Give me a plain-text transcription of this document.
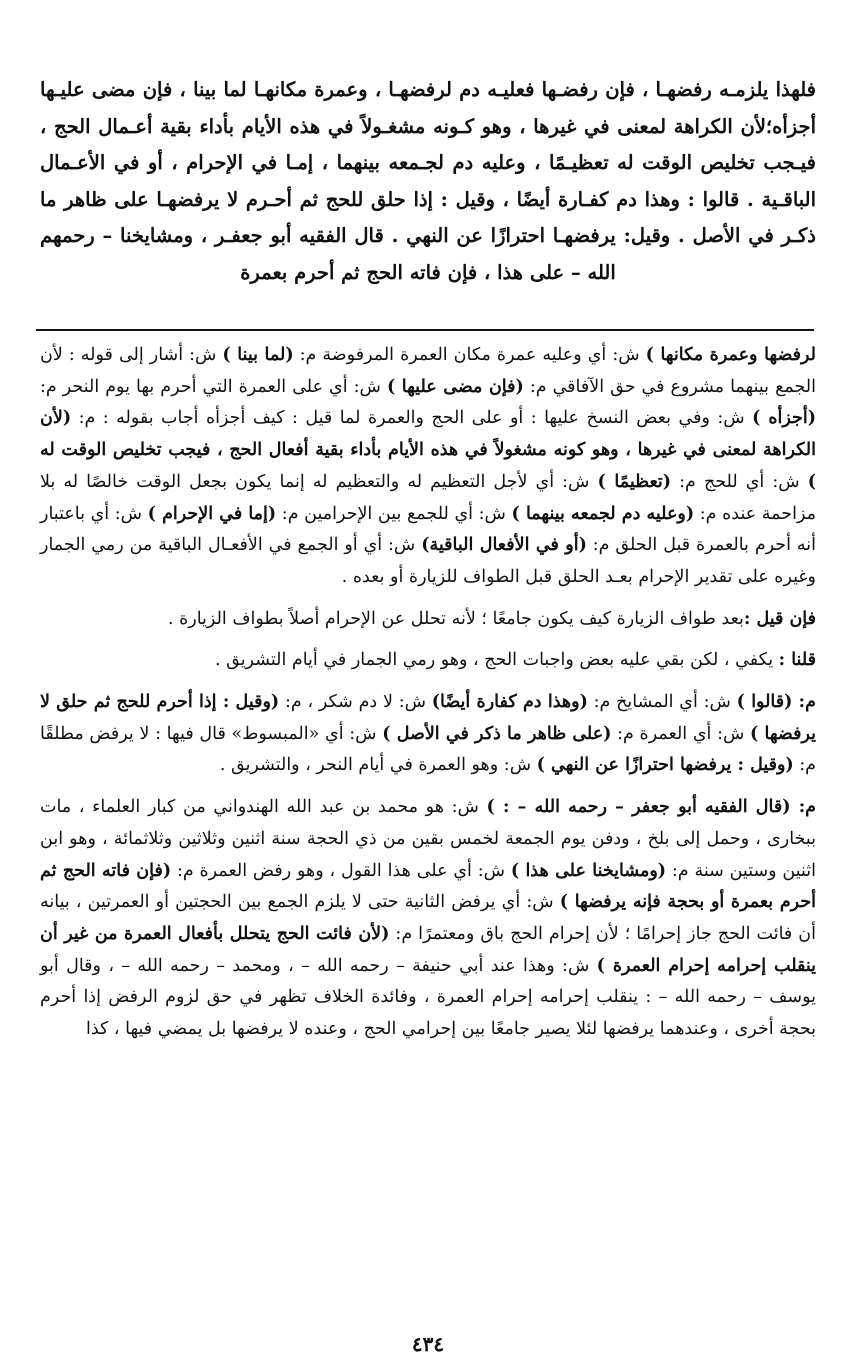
فلهذا يلزمـه رفضهـا ، فإن رفضـها فعليـه دم لرفضهـا ، وعمرة مكانهـا لما بينا ، فإن مضى عليـها أجزأه؛لأن الكراهة لمعنى في غيرها ، وهو كـونه مشغـولاً في هذه الأيام بأداء بقية أعـمال الحج ، فيـجب تخليص الوقت له تعظيـمًا ، وعليه دم لجـمعه بينهما ، إمـا في الإحرام ، أو في الأعـمال الباقـية . قالوا : وهذا دم كفـارة أيضًا ، وقيل : إذا حلق للحج ثم أحـرم لا يرفضهـا على ظاهر ما ذكـر في الأصل . وقيل: يرفضهـا احترازًا عن النهي . قال الفقيه أبو جعفـر ، ومشايخنا – رحمهم الله – على هذا ، فإن فاته الحج ثم أحرم بعمرة

لرفضها وعمرة مكانها ) ش: أي وعليه عمرة مكان العمرة المرفوضة م: (لما بينا ) ش: أشار إلى قوله : لأن الجمع بينهما مشروع في حق الآفاقي م: (فإن مضى عليها ) ش: أي على العمرة التي أحرم بها يوم النحر م: (أجزأه ) ش: وفي بعض النسخ عليها : أو على الحج والعمرة لما قيل : كيف أجزأه أجاب بقوله : م: (لأن الكراهة لمعنى في غيرها ، وهو كونه مشغولاً في هذه الأيام بأداء بقية أفعال الحج ، فيجب تخليص الوقت له ) ش: أي للحج م: (تعظيمًا ) ش: أي لأجل التعظيم له والتعظيم له إنما يكون بجعل الوقت خالصًا له بلا مزاحمة عنده م: (وعليه دم لجمعه بينهما ) ش: أي للجمع بين الإحرامين م: (إما في الإحرام ) ش: أي باعتبار أنه أحرم بالعمرة قبل الحلق م: (أو في الأفعال الباقية) ش: أي أو الجمع في الأفعـال الباقية من رمي الجمار وغيره على تقدير الإحرام بعـد الحلق قبل الطواف للزيارة أو بعده .

فإن قيل :بعد طواف الزيارة كيف يكون جامعًا ؛ لأنه تحلل عن الإحرام أصلاً بطواف الزيارة .

قلنا : يكفي ، لكن بقي عليه بعض واجبات الحج ، وهو رمي الجمار في أيام التشريق .

م: (قالوا ) ش: أي المشايخ م: (وهذا دم كفارة أيضًا) ش: لا دم شكر ، م: (وقيل : إذا أحرم للحج ثم حلق لا يرفضها ) ش: أي العمرة م: (على ظاهر ما ذكر في الأصل ) ش: أي «المبسوط» قال فيها : لا يرفض مطلقًا م: (وقيل : يرفضها احترازًا عن النهي ) ش: وهو العمرة في أيام النحر ، والتشريق .

م: (قال الفقيه أبو جعفر – رحمه الله – : ) ش: هو محمد بن عبد الله الهندواني من كبار العلماء ، مات ببخارى ، وحمل إلى بلخ ، ودفن يوم الجمعة لخمس بقين من ذي الحجة سنة اثنين وثلاثين وثلاثمائة ، وهو ابن اثنين وستين سنة م: (ومشايخنا على هذا ) ش: أي على هذا القول ، وهو رفض العمرة م: (فإن فاته الحج ثم أحرم بعمرة أو بحجة فإنه يرفضها ) ش: أي يرفض الثانية حتى لا يلزم الجمع بين الحجتين أو العمرتين ، بيانه أن فائت الحج جاز إحرامًا ؛ لأن إحرام الحج باق ومعتمرًا م: (لأن فائت الحج يتحلل بأفعال العمرة من غير أن ينقلب إحرامه إحرام العمرة ) ش: وهذا عند أبي حنيفة – رحمه الله – ، ومحمد – رحمه الله – ، وقال أبو يوسف – رحمه الله – : ينقلب إحرامه إحرام العمرة ، وفائدة الخلاف تظهر في حق لزوم الرفض إذا أحرم بحجة أخرى ، وعندهما يرفضها لئلا يصير جامعًا بين إحرامي الحج ، وعنده لا يرفضها بل يمضي فيها ، كذا

٤٣٤
